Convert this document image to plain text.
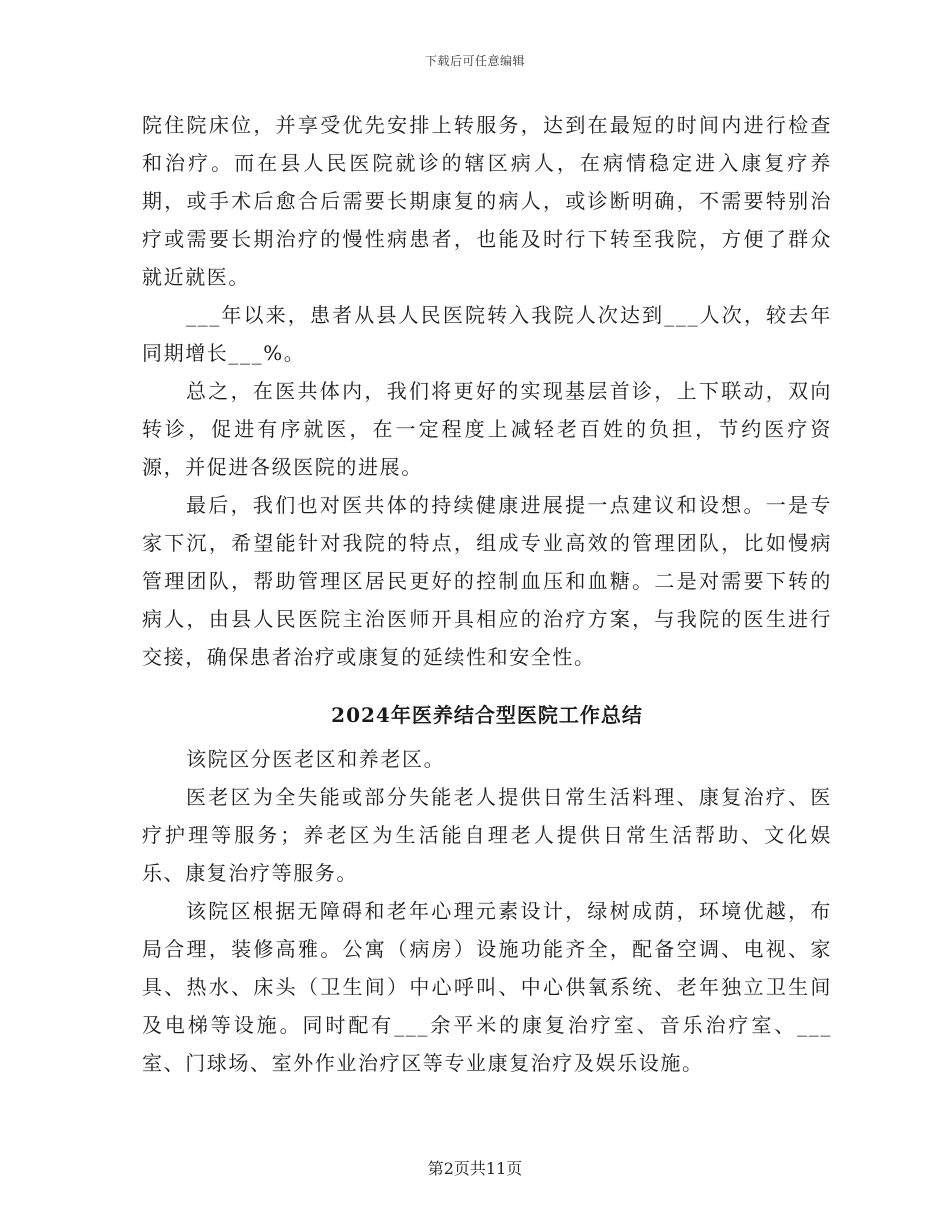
下载后可任意编辑

院住院床位，并享受优先安排上转服务，达到在最短的时间内进行检查和治疗。而在县人民医院就诊的辖区病人，在病情稳定进入康复疗养期，或手术后愈合后需要长期康复的病人，或诊断明确，不需要特别治疗或需要长期治疗的慢性病患者，也能及时行下转至我院，方便了群众就近就医。

___年以来，患者从县人民医院转入我院人次达到___人次，较去年同期增长___%。

总之，在医共体内，我们将更好的实现基层首诊，上下联动，双向转诊，促进有序就医，在一定程度上减轻老百姓的负担，节约医疗资源，并促进各级医院的进展。

最后，我们也对医共体的持续健康进展提一点建议和设想。一是专家下沉，希望能针对我院的特点，组成专业高效的管理团队，比如慢病管理团队，帮助管理区居民更好的控制血压和血糖。二是对需要下转的病人，由县人民医院主治医师开具相应的治疗方案，与我院的医生进行交接，确保患者治疗或康复的延续性和安全性。

2024年医养结合型医院工作总结

该院区分医老区和养老区。

医老区为全失能或部分失能老人提供日常生活料理、康复治疗、医疗护理等服务；养老区为生活能自理老人提供日常生活帮助、文化娱乐、康复治疗等服务。

该院区根据无障碍和老年心理元素设计，绿树成荫，环境优越，布局合理，装修高雅。公寓（病房）设施功能齐全，配备空调、电视、家具、热水、床头（卫生间）中心呼叫、中心供氧系统、老年独立卫生间及电梯等设施。同时配有___余平米的康复治疗室、音乐治疗室、___室、门球场、室外作业治疗区等专业康复治疗及娱乐设施。

第2页共11页
